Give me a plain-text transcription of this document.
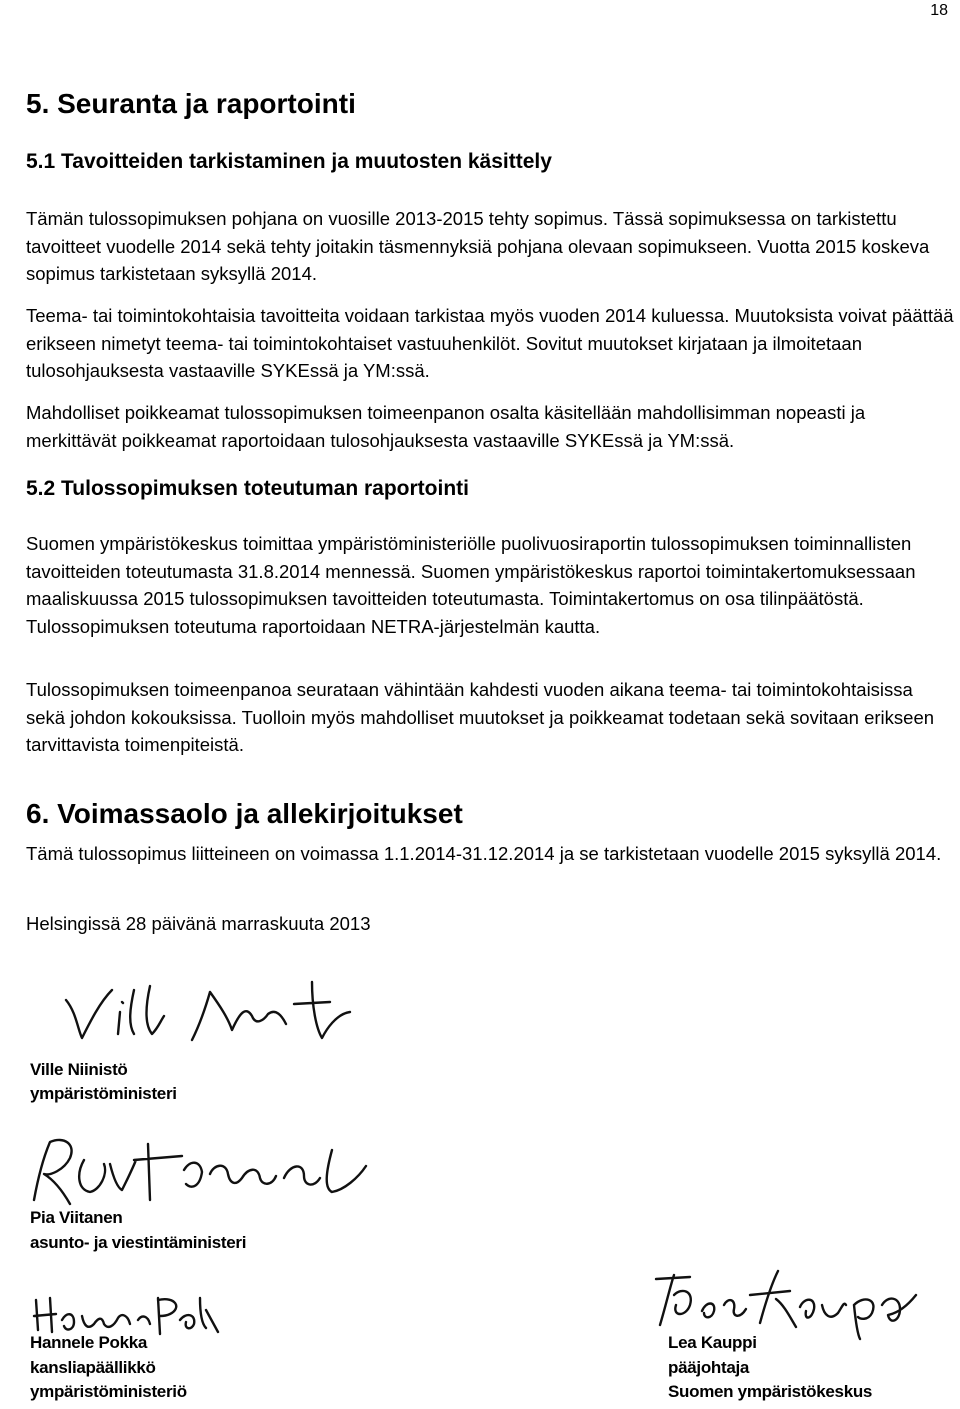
18
5. Seuranta ja raportointi
5.1 Tavoitteiden tarkistaminen ja muutosten käsittely

Tämän tulossopimuksen pohjana on vuosille 2013-2015 tehty sopimus. Tässä sopimuksessa on tarkistettu tavoitteet vuodelle 2014 sekä tehty joitakin täsmennyksiä pohjana olevaan sopimukseen. Vuotta 2015 koskeva sopimus tarkistetaan syksyllä 2014.

Teema- tai toimintokohtaisia tavoitteita voidaan tarkistaa myös vuoden 2014 kuluessa. Muutoksista voivat päättää erikseen nimetyt teema- tai toimintokohtaiset vastuuhenkilöt. Sovitut muutokset kirjataan ja ilmoitetaan tulosohjauksesta vastaaville SYKEssä ja YM:ssä.

Mahdolliset poikkeamat tulossopimuksen toimeenpanon osalta käsitellään mahdollisimman nopeasti ja merkittävät poikkeamat raportoidaan tulosohjauksesta vastaaville SYKEssä ja YM:ssä.

5.2 Tulossopimuksen toteutuman raportointi

Suomen ympäristökeskus toimittaa ympäristöministeriölle puolivuosiraportin tulossopimuksen toiminnallisten tavoitteiden toteutumasta 31.8.2014 mennessä. Suomen ympäristökeskus raportoi toimintakertomuksessaan maaliskuussa 2015 tulossopimuksen tavoitteiden toteutumasta. Toimintakertomus on osa tilinpäätöstä. Tulossopimuksen toteutuma raportoidaan NETRA-järjestelmän kautta.

Tulossopimuksen toimeenpanoa seurataan vähintään kahdesti vuoden aikana teema- tai toimintokohtaisissa sekä johdon kokouksissa. Tuolloin myös mahdolliset muutokset ja poikkeamat todetaan sekä sovitaan erikseen tarvittavista toimenpiteistä.

6. Voimassaolo ja allekirjoitukset

Tämä tulossopimus liitteineen on voimassa 1.1.2014-31.12.2014 ja se tarkistetaan vuodelle 2015 syksyllä 2014.

Helsingissä 28 päivänä marraskuuta 2013

Ville Niinistö
ympäristöministeri
Pia Viitanen
asunto- ja viestintäministeri
Hannele Pokka
kansliapäällikkö
ympäristöministeriö
Lea Kauppi
pääjohtaja
Suomen ympäristökeskus
